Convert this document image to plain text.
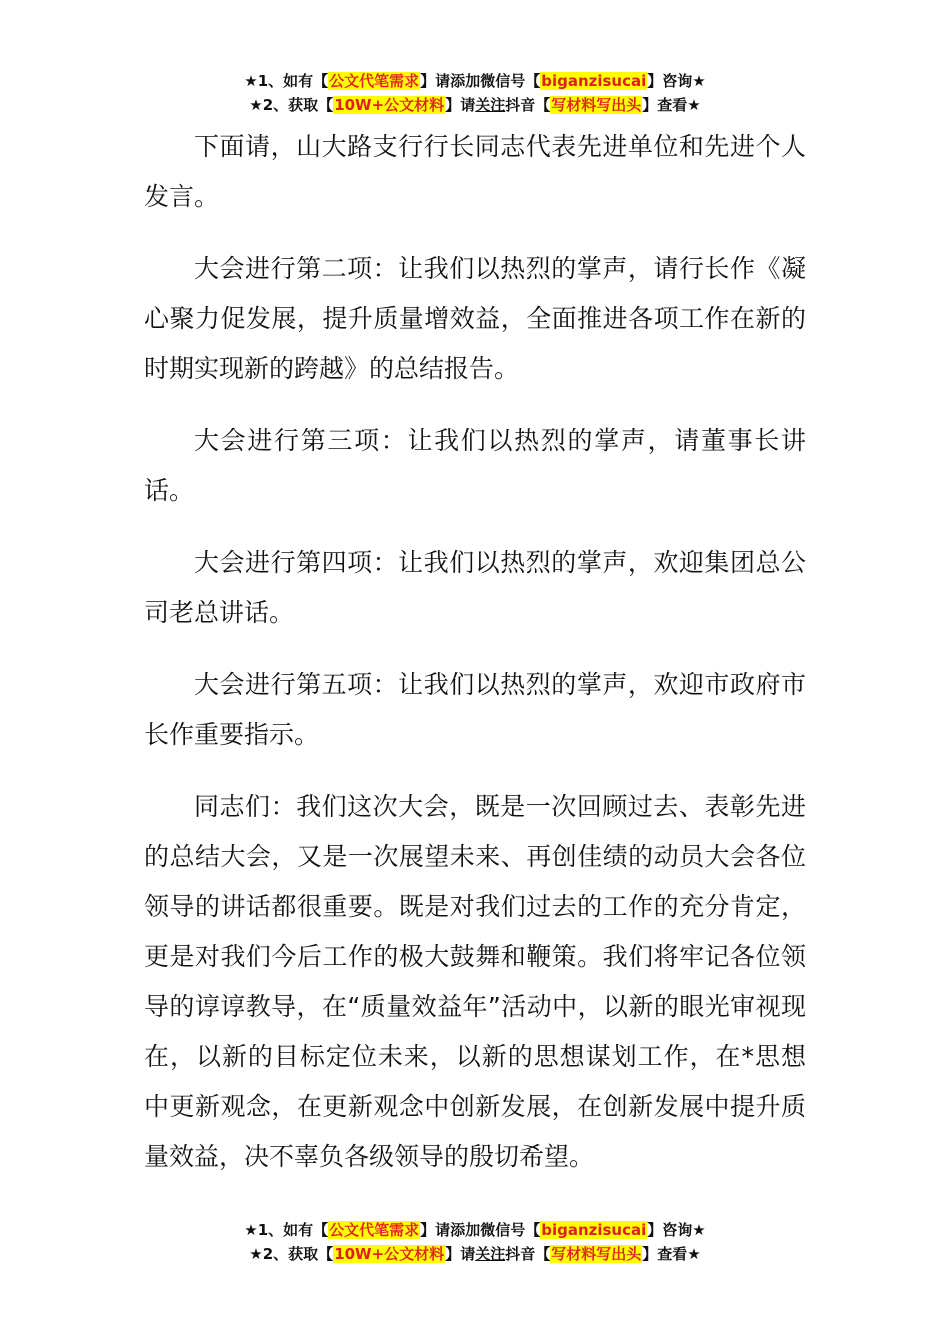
★1、如有【公文代笔需求】请添加微信号【biganzisucai】咨询★
★2、获取【10W+公文材料】请关注抖音【写材料写出头】查看★

下面请，山大路支行行长同志代表先进单位和先进个人发言。

大会进行第二项：让我们以热烈的掌声，请行长作《凝心聚力促发展，提升质量增效益，全面推进各项工作在新的时期实现新的跨越》的总结报告。

大会进行第三项：让我们以热烈的掌声，请董事长讲话。

大会进行第四项：让我们以热烈的掌声，欢迎集团总公司老总讲话。

大会进行第五项：让我们以热烈的掌声，欢迎市政府市长作重要指示。

同志们：我们这次大会，既是一次回顾过去、表彰先进的总结大会，又是一次展望未来、再创佳绩的动员大会各位领导的讲话都很重要。既是对我们过去的工作的充分肯定，更是对我们今后工作的极大鼓舞和鞭策。我们将牢记各位领导的谆谆教导，在“质量效益年”活动中，以新的眼光审视现在，以新的目标定位未来，以新的思想谋划工作，在*思想中更新观念，在更新观念中创新发展，在创新发展中提升质量效益，决不辜负各级领导的殷切希望。

★1、如有【公文代笔需求】请添加微信号【biganzisucai】咨询★
★2、获取【10W+公文材料】请关注抖音【写材料写出头】查看★
